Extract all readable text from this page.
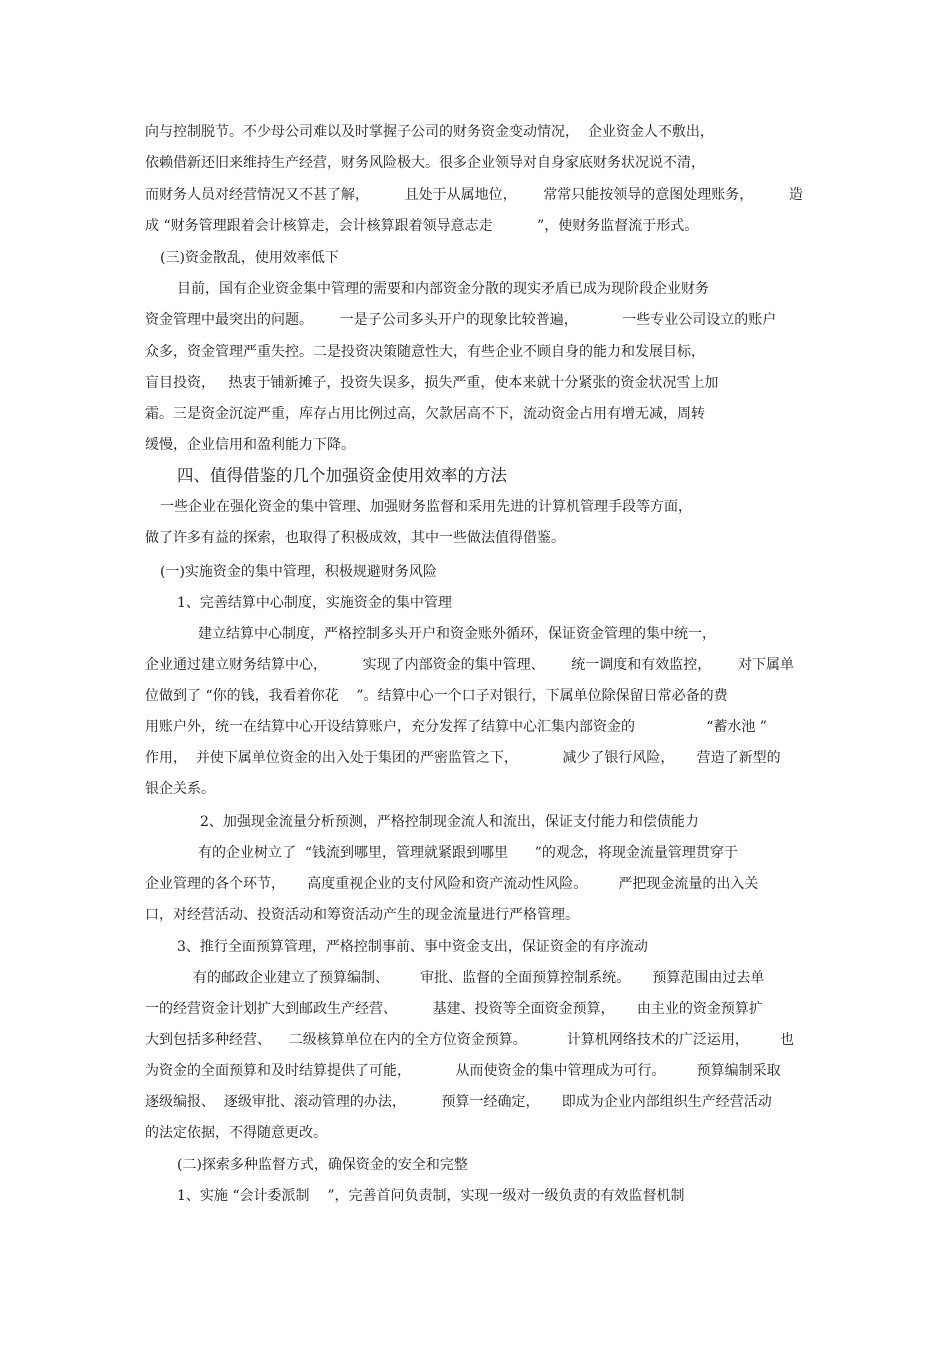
向与控制脱节。不少母公司难以及时掌握子公司的财务资金变动情况，  企业资金人不敷出，
依赖借新还旧来维持生产经营，财务风险极大。很多企业领导对自身家底财务状况说不清，
而财务人员对经营情况又不甚了解，        且处于从属地位，      常常只能按领导的意图处理账务，        造
成 “财务管理跟着会计核算走，会计核算跟着领导意志走          ”，使财务监督流于形式。
(三)资金散乱，使用效率低下
目前，国有企业资金集中管理的需要和内部资金分散的现实矛盾已成为现阶段企业财务
资金管理中最突出的问题。      一是子公司多头开户的现象比较普遍，          一些专业公司设立的账户
众多，资金管理严重失控。二是投资决策随意性大，有些企业不顾自身的能力和发展目标，
盲目投资，   热衷于铺新摊子，投资失误多，损失严重，使本来就十分紧张的资金状况雪上加
霜。三是资金沉淀严重，库存占用比例过高，欠款居高不下，流动资金占用有增无减，周转
缓慢，企业信用和盈利能力下降。
四、值得借鉴的几个加强资金使用效率的方法
一些企业在强化资金的集中管理、加强财务监督和采用先进的计算机管理手段等方面，
做了许多有益的探索，也取得了积极成效，其中一些做法值得借鉴。
(一)实施资金的集中管理，积极规避财务风险
1、完善结算中心制度，实施资金的集中管理
建立结算中心制度，严格控制多头开户和资金账外循环，保证资金管理的集中统一，
企业通过建立财务结算中心，        实现了内部资金的集中管理、      统一调度和有效监控，      对下属单
位做到了 “你的钱，我看着你花    ”。结算中心一个口子对银行，下属单位除保留日常必备的费
用账户外，统一在结算中心开设结算账户，充分发挥了结算中心汇集内部资金的                “蓄水池 ”
作用，  并使下属单位资金的出入处于集团的严密监管之下，          减少了银行风险，     营造了新型的
银企关系。
2、加强现金流量分析预测，严格控制现金流人和流出，保证支付能力和偿债能力
有的企业树立了  “钱流到哪里，管理就紧跟到哪里      ”的观念，将现金流量管理贯穿于
企业管理的各个环节，     高度重视企业的支付风险和资产流动性风险。       严把现金流量的出入关
口，对经营活动、投资活动和筹资活动产生的现金流量进行严格管理。
3、推行全面预算管理，严格控制事前、事中资金支出，保证资金的有序流动
有的邮政企业建立了预算编制、       审批、监督的全面预算控制系统。     预算范围由过去单
一的经营资金计划扩大到邮政生产经营、        基建、投资等全面资金预算，     由主业的资金预算扩
大到包括多种经营、    二级核算单位在内的全方位资金预算。         计算机网络技术的广泛运用，       也
为资金的全面预算和及时结算提供了可能，          从而使资金的集中管理成为可行。       预算编制采取
逐级编报、  逐级审批、滚动管理的办法，        预算一经确定，     即成为企业内部组织生产经营活动
的法定依据，不得随意更改。
(二)探索多种监督方式，确保资金的安全和完整
1、实施 “会计委派制    ”，完善首问负责制，实现一级对一级负责的有效监督机制
